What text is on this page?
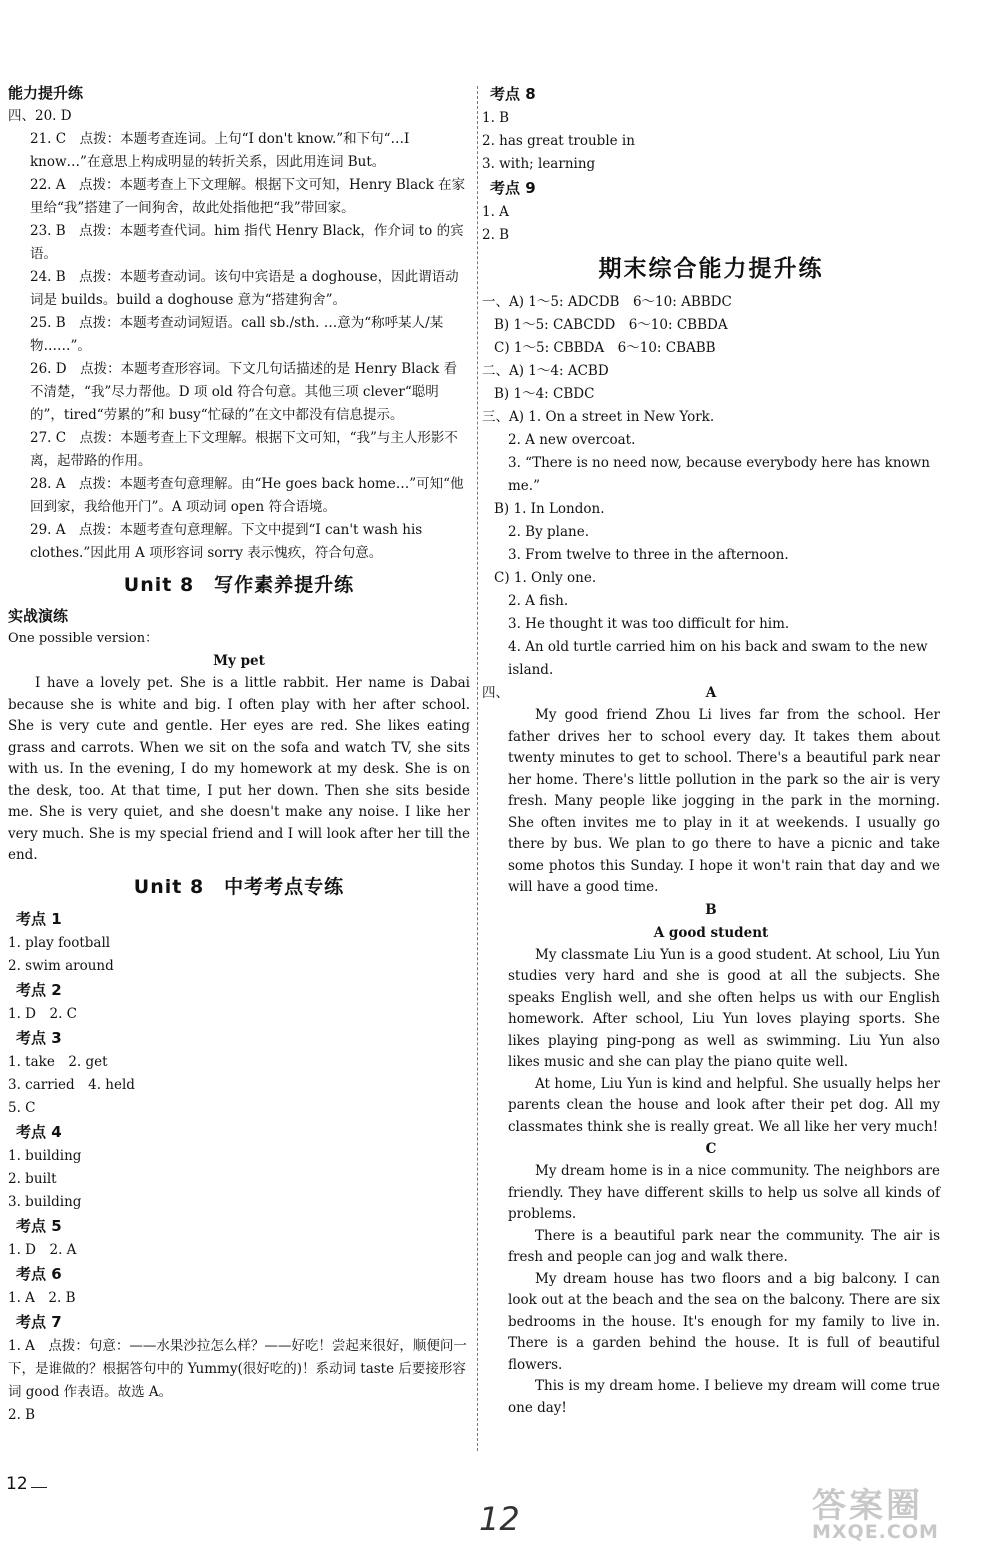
能力提升练
四、20. D
21. C　点拨：本题考查连词。上句“I don't know.”和下句“…I know…”在意思上构成明显的转折关系，因此用连词 But。
22. A　点拨：本题考查上下文理解。根据下文可知，Henry Black 在家里给“我”搭建了一间狗舍，故此处指他把“我”带回家。
23. B　点拨：本题考查代词。him 指代 Henry Black，作介词 to 的宾语。
24. B　点拨：本题考查动词。该句中宾语是 a doghouse，因此谓语动词是 builds。build a doghouse 意为“搭建狗舍”。
25. B　点拨：本题考查动词短语。call sb./sth. …意为“称呼某人/某物……”。
26. D　点拨：本题考查形容词。下文几句话描述的是 Henry Black 看不清楚，“我”尽力帮他。D 项 old 符合句意。其他三项 clever“聪明的”，tired“劳累的”和 busy“忙碌的”在文中都没有信息提示。
27. C　点拨：本题考查上下文理解。根据下文可知，“我”与主人形影不离，起带路的作用。
28. A　点拨：本题考查句意理解。由“He goes back home…”可知“他回到家，我给他开门”。A 项动词 open 符合语境。
29. A　点拨：本题考查句意理解。下文中提到“I can't wash his clothes.”因此用 A 项形容词 sorry 表示愧疚，符合句意。
Unit 8　写作素养提升练
实战演练
One possible version：
My pet

I have a lovely pet. She is a little rabbit. Her name is Dabai because she is white and big. I often play with her after school. She is very cute and gentle. Her eyes are red. She likes eating grass and carrots. When we sit on the sofa and watch TV, she sits with us. In the evening, I do my homework at my desk. She is on the desk, too. At that time, I put her down. Then she sits beside me. She is very quiet, and she doesn't make any noise. I like her very much. She is my special friend and I will look after her till the end.

Unit 8　中考考点专练
考点 1
1. play football
2. swim around
考点 2
1. D　2. C
考点 3
1. take　2. get
3. carried　4. held
5. C
考点 4
1. building
2. built
3. building
考点 5
1. D　2. A
考点 6
1. A　2. B
考点 7
1. A　点拨：句意：——水果沙拉怎么样？——好吃！尝起来很好，顺便问一下，是谁做的？根据答句中的 Yummy(很好吃的)！系动词 taste 后要接形容词 good 作表语。故选 A。
2. B
考点 8
1. B
2. has great trouble in
3. with; learning
考点 9
1. A
2. B
期末综合能力提升练
一、A) 1～5: ADCDB　6～10: ABBDC
B) 1～5: CABCDD　6～10: CBBDA
C) 1～5: CBBDA　6～10: CBABB
二、A) 1～4: ACBD
B) 1～4: CBDC
三、A) 1. On a street in New York.
2. A new overcoat.
3. “There is no need now, because everybody here has known me.”
B) 1. In London.
2. By plane.
3. From twelve to three in the afternoon.
C) 1. Only one.
2. A fish.
3. He thought it was too difficult for him.
4. An old turtle carried him on his back and swam to the new island.
四、	A

My good friend Zhou Li lives far from the school. Her father drives her to school every day. It takes them about twenty minutes to get to school. There's a beautiful park near her home. There's little pollution in the park so the air is very fresh. Many people like jogging in the park in the morning. She often invites me to play in it at weekends. I usually go there by bus. We plan to go there to have a picnic and take some photos this Sunday. I hope it won't rain that day and we will have a good time.

B
A good student

My classmate Liu Yun is a good student. At school, Liu Yun studies very hard and she is good at all the subjects. She speaks English well, and she often helps us with our English homework. After school, Liu Yun loves playing sports. She likes playing ping-pong as well as swimming. Liu Yun also likes music and she can play the piano quite well.

At home, Liu Yun is kind and helpful. She usually helps her parents clean the house and look after their pet dog. All my classmates think she is really great. We all like her very much!

C

My dream home is in a nice community. The neighbors are friendly. They have different skills to help us solve all kinds of problems.

There is a beautiful park near the community. The air is fresh and people can jog and walk there.

My dream house has two floors and a big balcony. I can look out at the beach and the sea on the balcony. There are six bedrooms in the house. It's enough for my family to live in. There is a garden behind the house. It is full of beautiful flowers.

This is my dream home. I believe my dream will come true one day!

12
12	答案圈
MXQE.COM
